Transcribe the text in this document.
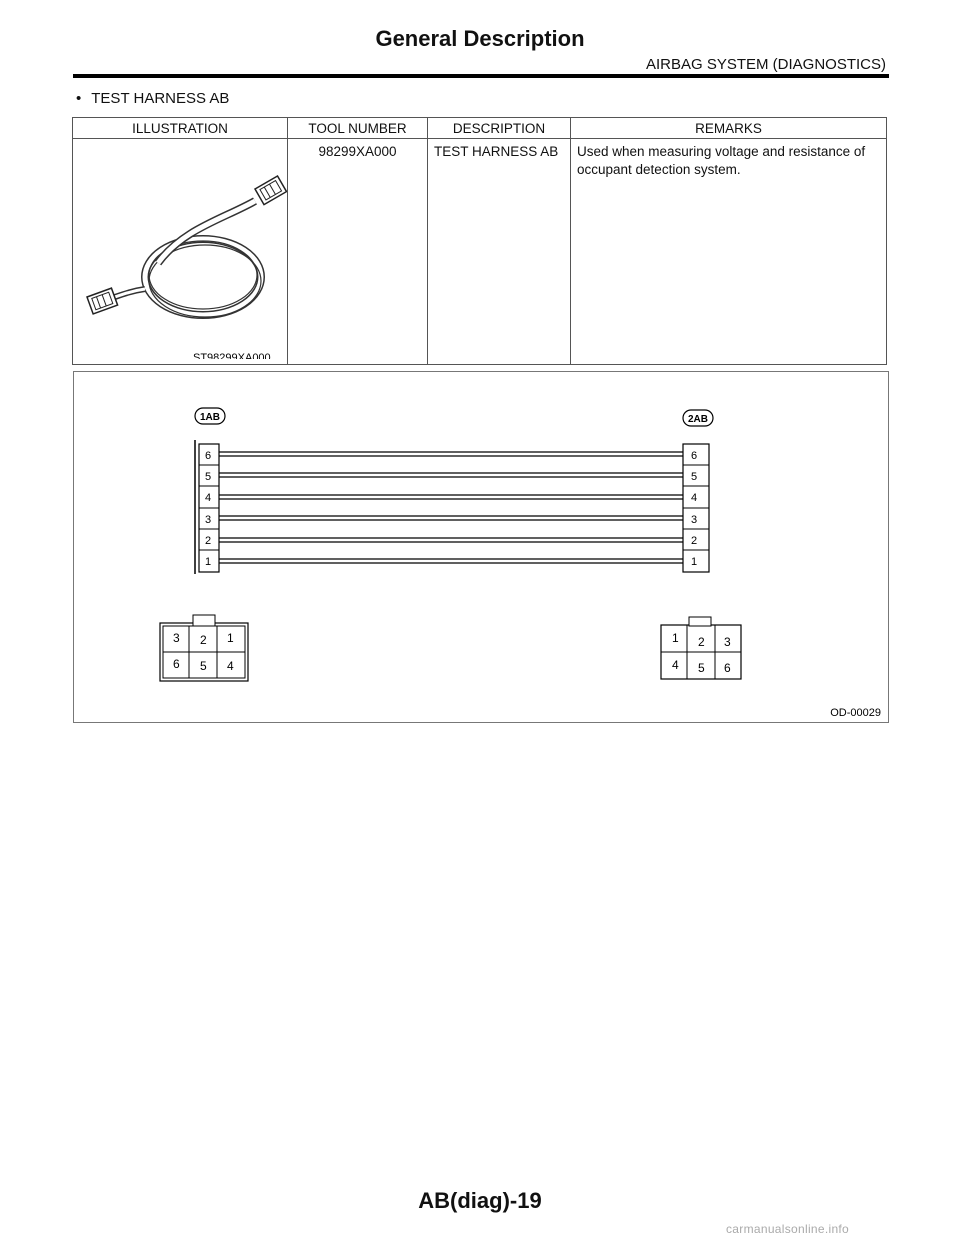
General Description
AIRBAG SYSTEM (DIAGNOSTICS)
• TEST HARNESS AB
ILLUSTRATION	TOOL NUMBER	DESCRIPTION	REMARKS

ST98299XA000	98299XA000	TEST HARNESS AB	Used when measuring voltage and resistance of occupant detection system.
1AB	2AB
6
5
4
3
2
1
6
5
4
3
2
1
3 2 1
6 5 4
1 2 3
4 5 6
OD-00029
AB(diag)-19
carmanualsonline.info
